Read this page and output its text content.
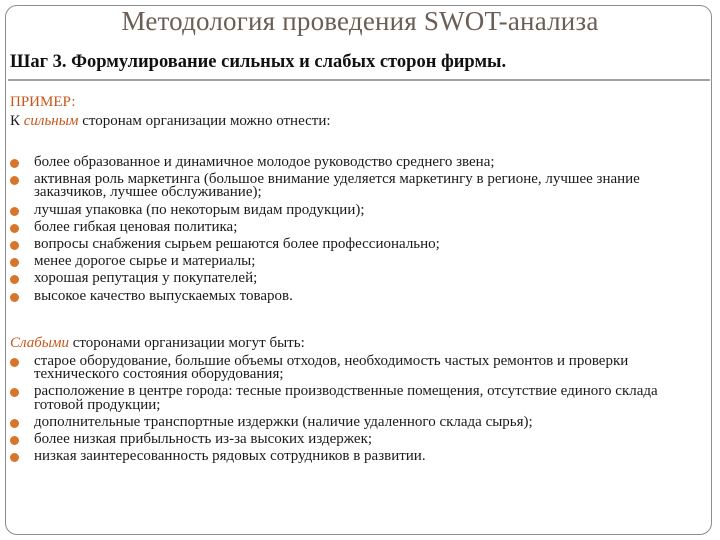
Методология проведения SWOT-анализа
Шаг 3. Формулирование сильных и слабых сторон фирмы.
ПРИМЕР:
К сильным сторонам организации можно отнести:
более образованное и динамичное молодое руководство среднего звена;
активная роль маркетинга (большое внимание уделяется маркетингу в регионе, лучшее знание заказчиков, лучшее обслуживание);
лучшая упаковка (по некоторым видам продукции);
более гибкая ценовая политика;
вопросы снабжения сырьем решаются более профессионально;
менее дорогое сырье и материалы;
хорошая репутация у покупателей;
высокое качество выпускаемых товаров.
Слабыми сторонами организации могут быть:
старое оборудование, большие объемы отходов, необходимость частых ремонтов и проверки технического состояния оборудования;
расположение в центре города: тесные производственные помещения, отсутствие единого склада готовой продукции;
дополнительные транспортные издержки (наличие удаленного склада сырья);
более низкая прибыльность из-за высоких издержек;
низкая заинтересованность рядовых сотрудников в развитии.
